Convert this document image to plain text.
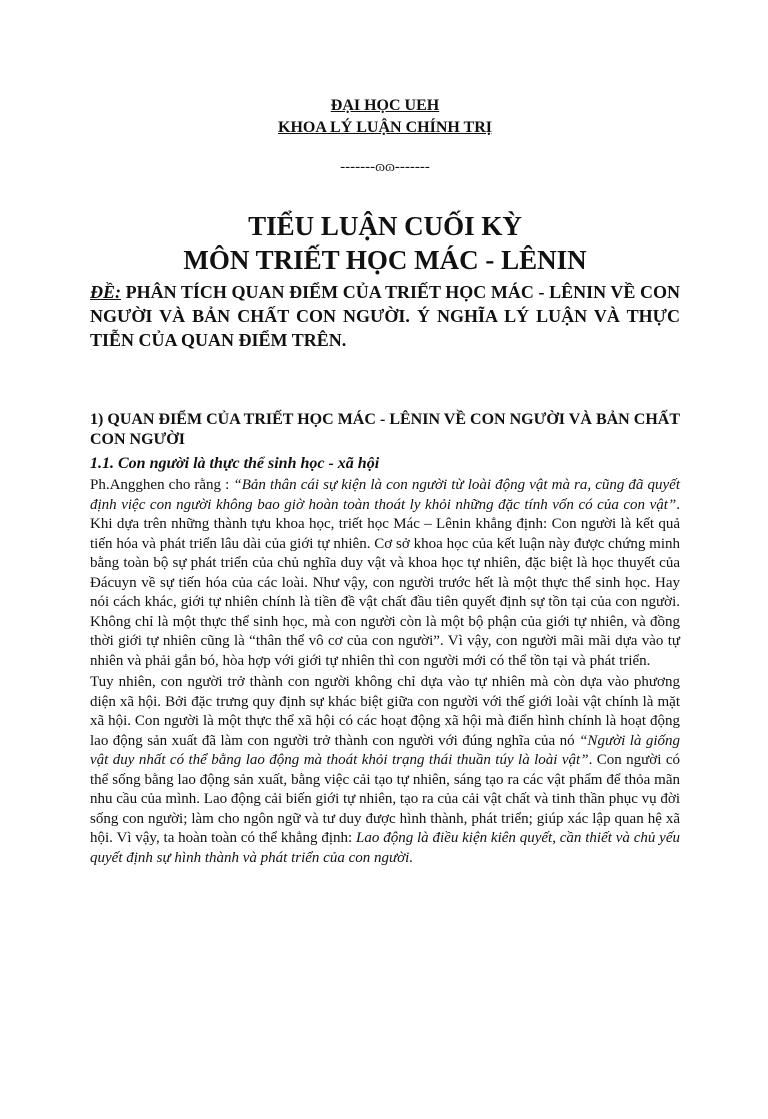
ĐẠI HỌC UEH
KHOA LÝ LUẬN CHÍNH TRỊ
-------ɷɷ-------
TIỂU LUẬN CUỐI KỲ
MÔN TRIẾT HỌC MÁC - LÊNIN
ĐỀ: PHÂN TÍCH QUAN ĐIỂM CỦA TRIẾT HỌC MÁC - LÊNIN VỀ CON NGƯỜI VÀ BẢN CHẤT CON NGƯỜI. Ý NGHĨA LÝ LUẬN VÀ THỰC TIỄN CỦA QUAN ĐIỂM TRÊN.
1) QUAN ĐIỂM CỦA TRIẾT HỌC MÁC - LÊNIN VỀ CON NGƯỜI VÀ BẢN CHẤT CON NGƯỜI
1.1. Con người là thực thể sinh học - xã hội

Ph.Angghen cho rằng : “Bản thân cái sự kiện là con người từ loài động vật mà ra, cũng đã quyết định việc con người không bao giờ hoàn toàn thoát ly khỏi những đặc tính vốn có của con vật”. Khi dựa trên những thành tựu khoa học, triết học Mác – Lênin khẳng định: Con người là kết quả tiến hóa và phát triển lâu dài của giới tự nhiên. Cơ sở khoa học của kết luận này được chứng minh bằng toàn bộ sự phát triển của chủ nghĩa duy vật và khoa học tự nhiên, đặc biệt là học thuyết của Đácuyn về sự tiến hóa của các loài. Như vậy, con người trước hết là một thực thể sinh học. Hay nói cách khác, giới tự nhiên chính là tiền đề vật chất đầu tiên quyết định sự tồn tại của con người. Không chỉ là một thực thể sinh học, mà con người còn là một bộ phận của giới tự nhiên, và đồng thời giới tự nhiên cũng là “thân thể vô cơ của con người”. Vì vậy, con người mãi mãi dựa vào tự nhiên và phải gắn bó, hòa hợp với giới tự nhiên thì con người mới có thể tồn tại và phát triển.

Tuy nhiên, con người trở thành con người không chỉ dựa vào tự nhiên mà còn dựa vào phương diện xã hội. Bởi đặc trưng quy định sự khác biệt giữa con người với thế giới loài vật chính là mặt xã hội. Con người là một thực thể xã hội có các hoạt động xã hội mà điển hình chính là hoạt động lao động sản xuất đã làm con người trở thành con người với đúng nghĩa của nó “Người là giống vật duy nhất có thể bằng lao động mà thoát khỏi trạng thái thuần túy là loài vật”. Con người có thể sống bằng lao động sản xuất, bằng việc cải tạo tự nhiên, sáng tạo ra các vật phẩm để thỏa mãn nhu cầu của mình. Lao động cải biến giới tự nhiên, tạo ra của cải vật chất và tinh thần phục vụ đời sống con người; làm cho ngôn ngữ và tư duy được hình thành, phát triển; giúp xác lập quan hệ xã hội. Vì vậy, ta hoàn toàn có thể khẳng định: Lao động là điều kiện kiên quyết, cần thiết và chủ yếu quyết định sự hình thành và phát triển của con người.
